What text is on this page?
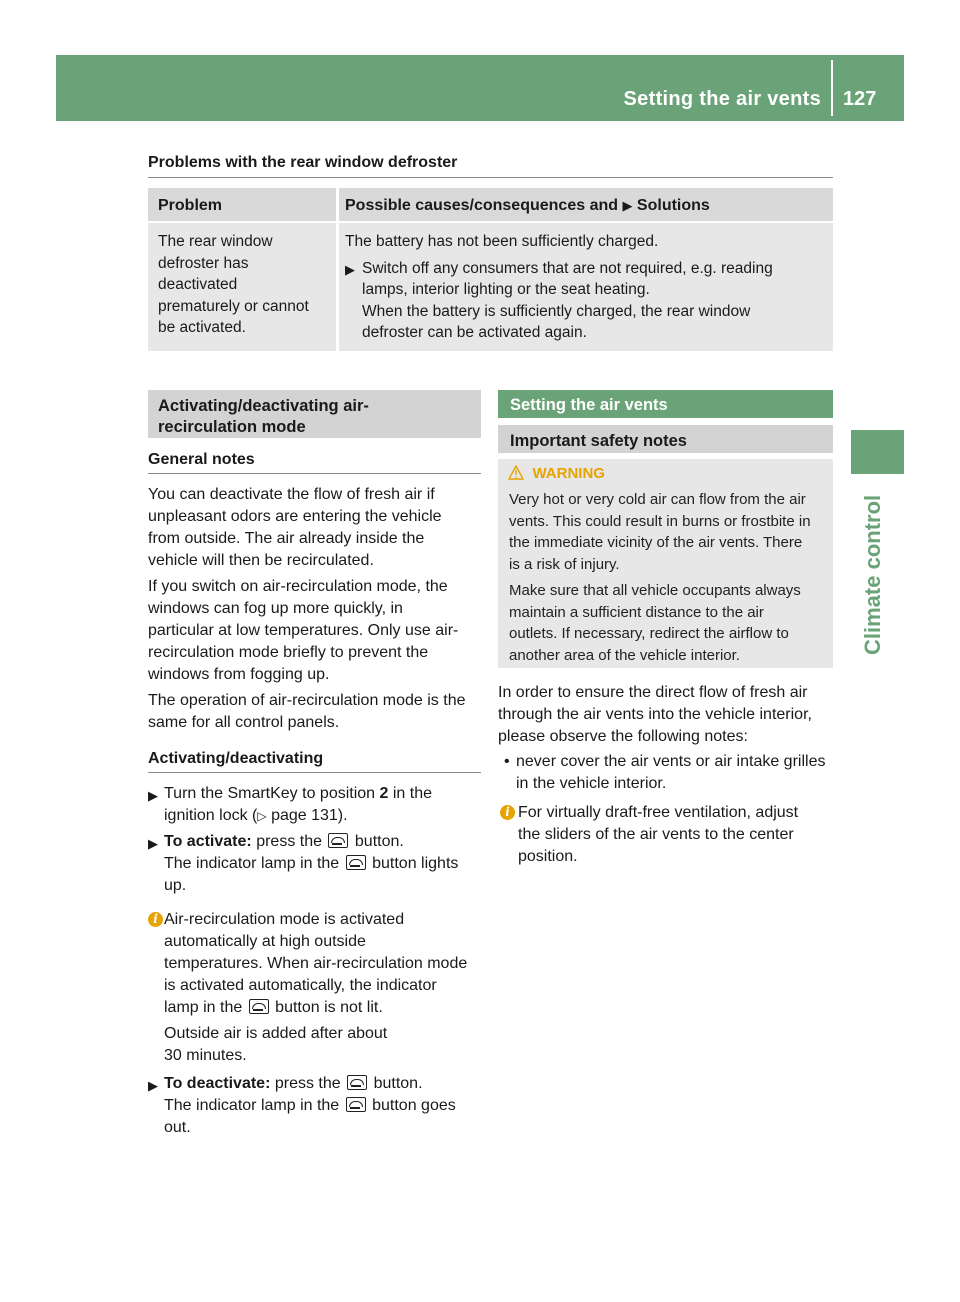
Setting the air vents 127
Climate control
Problems with the rear window defroster
Problem	Possible causes/consequences and ▶ Solutions
The rear window
defroster has
deactivated
prematurely or cannot
be activated.
The battery has not been sufficiently charged.
▶ Switch off any consumers that are not required, e.g. reading
lamps, interior lighting or the seat heating.
When the battery is sufficiently charged, the rear window
defroster can be activated again.
Activating/deactivating air-
recirculation mode
General notes
You can deactivate the flow of fresh air if
unpleasant odors are entering the vehicle
from outside. The air already inside the
vehicle will then be recirculated.
If you switch on air-recirculation mode, the
windows can fog up more quickly, in
particular at low temperatures. Only use air-
recirculation mode briefly to prevent the
windows from fogging up.
The operation of air-recirculation mode is the
same for all control panels.
Activating/deactivating
▶ Turn the SmartKey to position 2 in the
ignition lock (▷ page 131).
▶ To activate: press the button.
The indicator lamp in the button lights
up.
i Air-recirculation mode is activated
automatically at high outside
temperatures. When air-recirculation mode
is activated automatically, the indicator
lamp in the button is not lit.
Outside air is added after about
30 minutes.
▶ To deactivate: press the button.
The indicator lamp in the button goes
out.
Setting the air vents
Important safety notes
WARNING
Very hot or very cold air can flow from the air
vents. This could result in burns or frostbite in
the immediate vicinity of the air vents. There
is a risk of injury.
Make sure that all vehicle occupants always
maintain a sufficient distance to the air
outlets. If necessary, redirect the airflow to
another area of the vehicle interior.
In order to ensure the direct flow of fresh air
through the air vents into the vehicle interior,
please observe the following notes:
• never cover the air vents or air intake grilles
in the vehicle interior.
i For virtually draft-free ventilation, adjust
the sliders of the air vents to the center
position.
